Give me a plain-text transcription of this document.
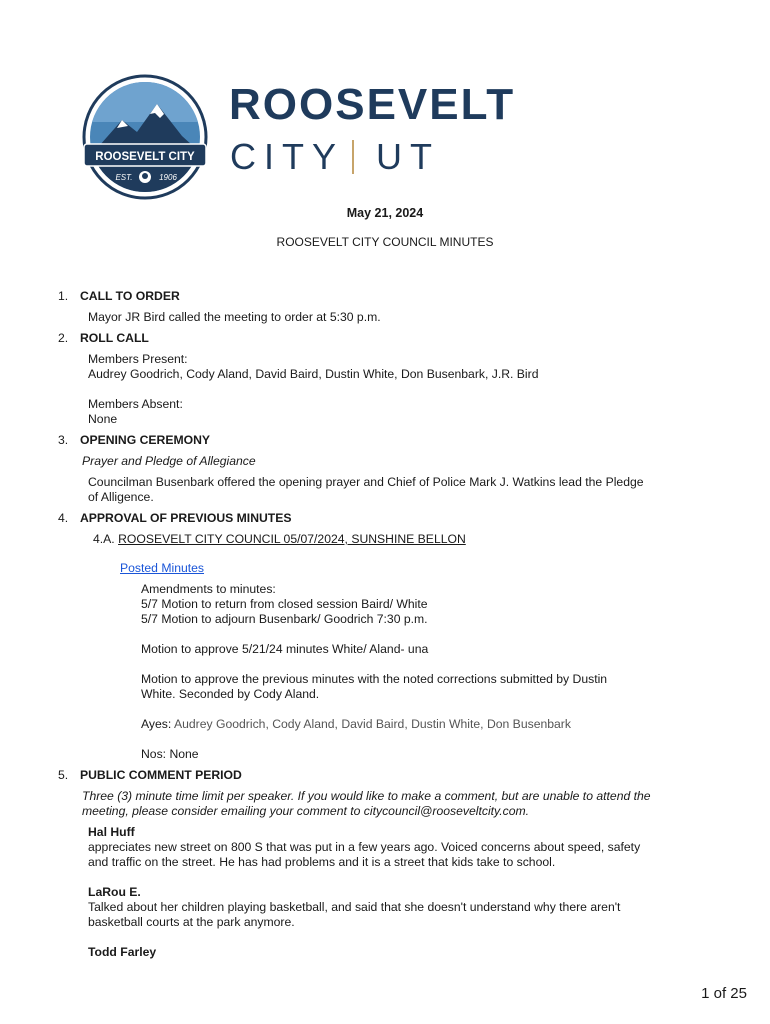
ROOSEVELT CITY
EST.	1906
ROOSEVELT
CITY UT
May 21, 2024
ROOSEVELT CITY COUNCIL MINUTES
1. CALL TO ORDER
Mayor JR Bird called the meeting to order at 5:30 p.m.
2. ROLL CALL
Members Present:
Audrey Goodrich, Cody Aland, David Baird, Dustin White, Don Busenbark, J.R. Bird
Members Absent:
None
3. OPENING CEREMONY
Prayer and Pledge of Allegiance
Councilman Busenbark offered the opening prayer and Chief of Police Mark J. Watkins lead the Pledge
of Alligence.
4. APPROVAL OF PREVIOUS MINUTES
4.A. ROOSEVELT CITY COUNCIL 05/07/2024, SUNSHINE BELLON
Posted Minutes
Amendments to minutes:
5/7 Motion to return from closed session Baird/ White
5/7 Motion to adjourn Busenbark/ Goodrich 7:30 p.m.
Motion to approve 5/21/24 minutes White/ Aland- una
Motion to approve the previous minutes with the noted corrections submitted by Dustin
White. Seconded by Cody Aland.
Ayes: Audrey Goodrich, Cody Aland, David Baird, Dustin White, Don Busenbark
Nos: None
5. PUBLIC COMMENT PERIOD
Three (3) minute time limit per speaker. If you would like to make a comment, but are unable to attend the
meeting, please consider emailing your comment to citycouncil@rooseveltcity.com.
Hal Huff
appreciates new street on 800 S that was put in a few years ago. Voiced concerns about speed, safety
and traffic on the street. He has had problems and it is a street that kids take to school.
LaRou E.
Talked about her children playing basketball, and said that she doesn't understand why there aren't
basketball courts at the park anymore.
Todd Farley
1 of 25
